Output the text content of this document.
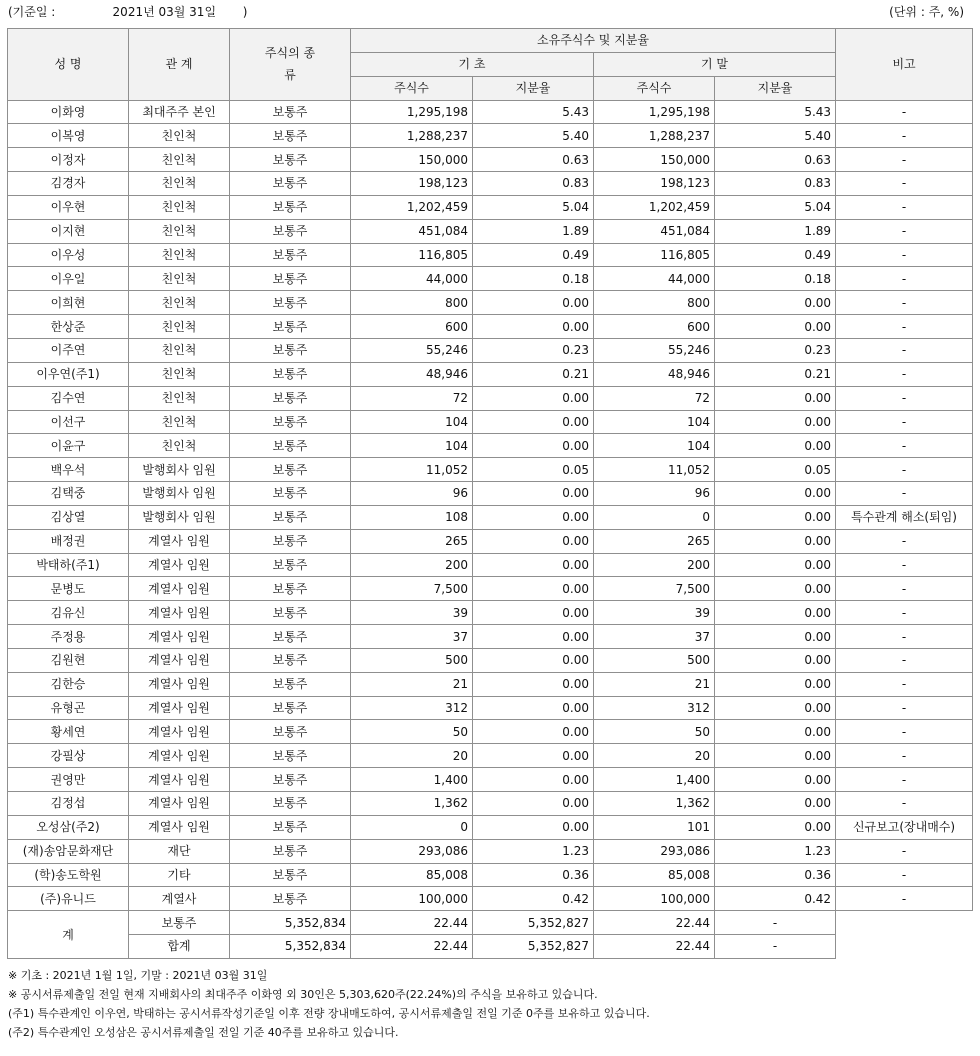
(기준일 :	2021년 03월 31일 )	(단위 : 주, %)
성 명	관 계	주식의 종류	소유주식수 및 지분율				비고
			기 초		기 말		
			주식수	지분율	주식수	지분율	
이화영	최대주주 본인	보통주	1,295,198	5.43	1,295,198	5.43	-
이복영	친인척	보통주	1,288,237	5.40	1,288,237	5.40	-
이정자	친인척	보통주	150,000	0.63	150,000	0.63	-
김경자	친인척	보통주	198,123	0.83	198,123	0.83	-
이우현	친인척	보통주	1,202,459	5.04	1,202,459	5.04	-
이지현	친인척	보통주	451,084	1.89	451,084	1.89	-
이우성	친인척	보통주	116,805	0.49	116,805	0.49	-
이우일	친인척	보통주	44,000	0.18	44,000	0.18	-
이희현	친인척	보통주	800	0.00	800	0.00	-
한상준	친인척	보통주	600	0.00	600	0.00	-
이주연	친인척	보통주	55,246	0.23	55,246	0.23	-
이우연(주1)	친인척	보통주	48,946	0.21	48,946	0.21	-
김수연	친인척	보통주	72	0.00	72	0.00	-
이선구	친인척	보통주	104	0.00	104	0.00	-
이윤구	친인척	보통주	104	0.00	104	0.00	-
백우석	발행회사 임원	보통주	11,052	0.05	11,052	0.05	-
김택중	발행회사 임원	보통주	96	0.00	96	0.00	-
김상열	발행회사 임원	보통주	108	0.00	0	0.00	특수관계 해소(퇴임)
배정권	계열사 임원	보통주	265	0.00	265	0.00	-
박태하(주1)	계열사 임원	보통주	200	0.00	200	0.00	-
문병도	계열사 임원	보통주	7,500	0.00	7,500	0.00	-
김유신	계열사 임원	보통주	39	0.00	39	0.00	-
주정용	계열사 임원	보통주	37	0.00	37	0.00	-
김원현	계열사 임원	보통주	500	0.00	500	0.00	-
김한승	계열사 임원	보통주	21	0.00	21	0.00	-
유형곤	계열사 임원	보통주	312	0.00	312	0.00	-
황세연	계열사 임원	보통주	50	0.00	50	0.00	-
강필상	계열사 임원	보통주	20	0.00	20	0.00	-
권영만	계열사 임원	보통주	1,400	0.00	1,400	0.00	-
김정섭	계열사 임원	보통주	1,362	0.00	1,362	0.00	-
오성삼(주2)	계열사 임원	보통주	0	0.00	101	0.00	신규보고(장내매수)
(재)송암문화재단	재단	보통주	293,086	1.23	293,086	1.23	-
(학)송도학원	기타	보통주	85,008	0.36	85,008	0.36	-
(주)유니드	계열사	보통주	100,000	0.42	100,000	0.42	-
계	보통주	5,352,834	22.44	5,352,827	22.44	-	
	합계	5,352,834	22.44	5,352,827	22.44	-	
※ 기초 : 2021년 1월 1일, 기말 : 2021년 03월 31일
※ 공시서류제출일 전일 현재 지배회사의 최대주주 이화영 외 30인은 5,303,620주(22.24%)의 주식을 보유하고 있습니다.
(주1) 특수관계인 이우연, 박태하는 공시서류작성기준일 이후 전량 장내매도하여, 공시서류제출일 전일 기준 0주를 보유하고 있습니다.
(주2) 특수관계인 오성삼은 공시서류제출일 전일 기준 40주를 보유하고 있습니다.
